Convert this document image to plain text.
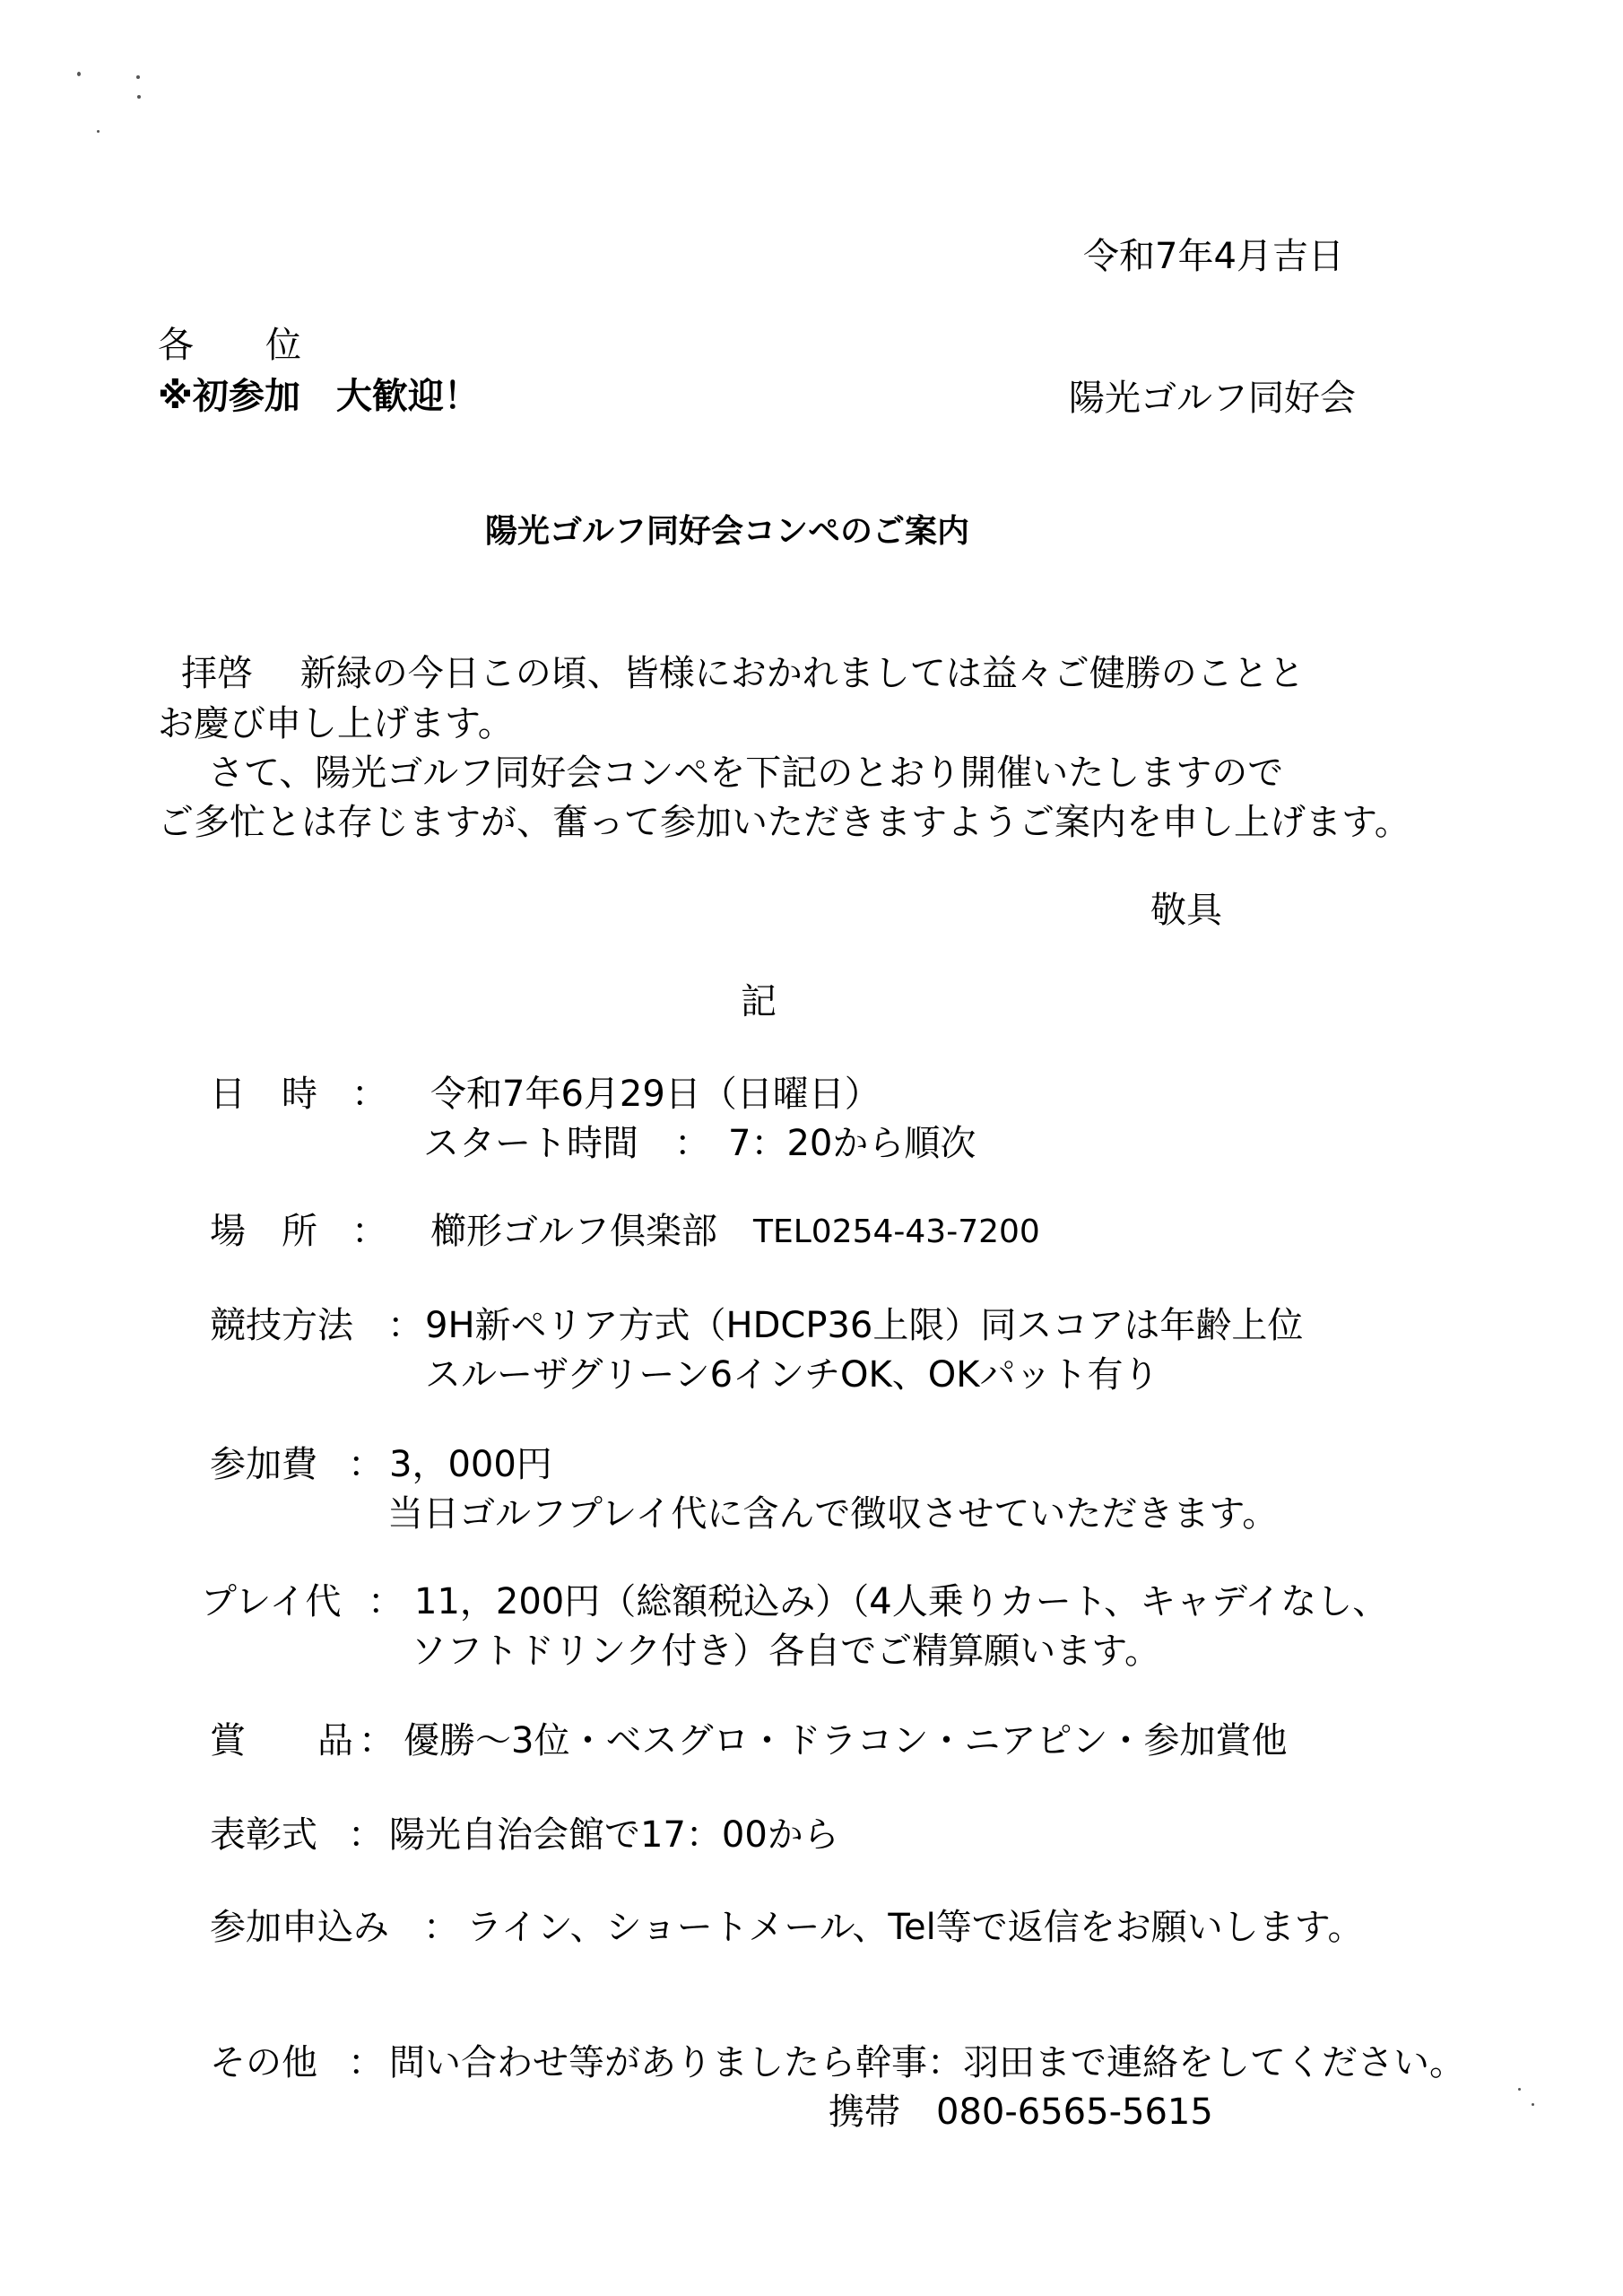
令和7年4月吉日
各　　位
※初参加　大歓迎！	陽光ゴルフ同好会
陽光ゴルフ同好会コンペのご案内
拝啓　 新緑の今日この頃、皆様におかれましては益々ご健勝のことと
お慶び申し上げます。
さて、陽光ゴルフ同好会コンペを下記のとおり開催いたしますので
ご多忙とは存じますが、奮って参加いただきますようご案内を申し上げます。
敬具
記
日　時 ： 令和7年6月29日（日曜日）
スタート時間　：　7：20から順次
場　所 ： 櫛形ゴルフ倶楽部 TEL0254-43-7200
競技方法 ： 9H新ペリア方式（HDCP36上限）同スコアは年齢上位
スルーザグリーン6インチOK、OKパット有り
参加費 ： 3，000円
当日ゴルフプレイ代に含んで徴収させていただきます。
プレイ代 ： 11，200円（総額税込み）（4人乗りカート、キャデイなし、
ソフトドリンク付き）各自でご精算願います。
賞　　品 ： 優勝～3位・ベスグロ・ドラコン・ニアピン・参加賞他
表彰式 ： 陽光自治会館で17：00から
参加申込み ： ライン、ショートメール、Tel等で返信をお願いします。
その他 ： 問い合わせ等がありましたら幹事：羽田まで連絡をしてください。
携帯　080-6565-5615
